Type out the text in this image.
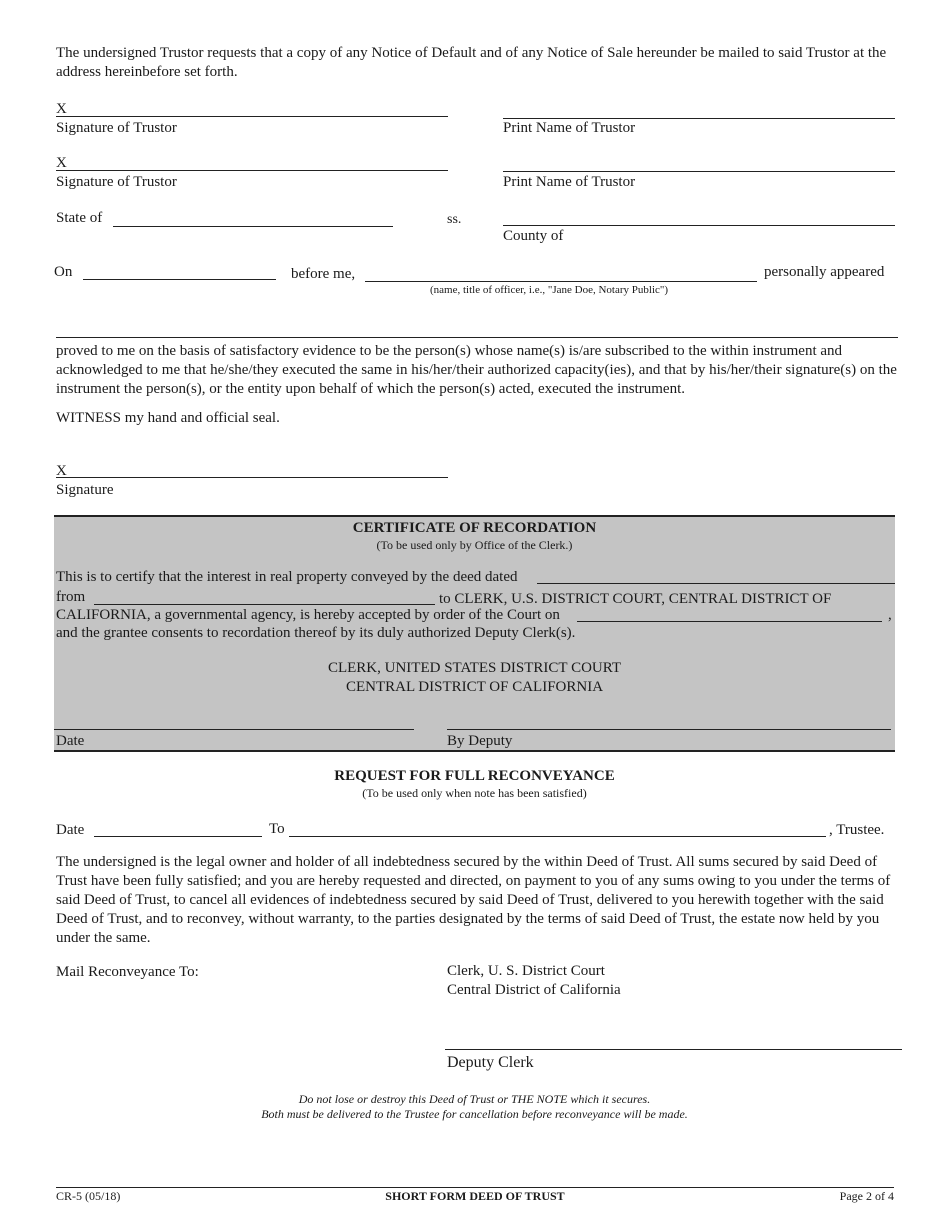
The undersigned Trustor requests that a copy of any Notice of Default and of any Notice of Sale hereunder be mailed to said Trustor at the address hereinbefore set forth.
X
Signature of Trustor	Print Name of Trustor
X
Signature of Trustor	Print Name of Trustor
State of	ss.
County of
On	before me,	personally appeared
(name, title of officer, i.e., "Jane Doe, Notary Public")
proved to me on the basis of satisfactory evidence to be the person(s) whose name(s) is/are subscribed to the within instrument and acknowledged to me that he/she/they executed the same in his/her/their authorized capacity(ies), and that by his/her/their signature(s) on the instrument the person(s), or the entity upon behalf of which the person(s) acted, executed the instrument.
WITNESS my hand and official seal.
X
Signature
CERTIFICATE OF RECORDATION
(To be used only by Office of the Clerk.)
This is to certify that the interest in real property conveyed by the deed dated
from	to CLERK, U.S. DISTRICT COURT, CENTRAL DISTRICT OF
CALIFORNIA, a governmental agency, is hereby accepted by order of the Court on	,
and the grantee consents to recordation thereof by its duly authorized Deputy Clerk(s).
CLERK, UNITED STATES DISTRICT COURT
CENTRAL DISTRICT OF CALIFORNIA
Date	By Deputy
REQUEST FOR FULL RECONVEYANCE
(To be used only when note has been satisfied)
Date	To	, Trustee.
The undersigned is the legal owner and holder of all indebtedness secured by the within Deed of Trust. All sums secured by said Deed of Trust have been fully satisfied; and you are hereby requested and directed, on payment to you of any sums owing to you under the terms of said Deed of Trust, to cancel all evidences of indebtedness secured by said Deed of Trust, delivered to you herewith together with the said Deed of Trust, and to reconvey, without warranty, to the parties designated by the terms of said Deed of Trust, the estate now held by you under the same.
Mail Reconveyance To:	Clerk, U. S. District Court
Central District of California
Deputy Clerk
Do not lose or destroy this Deed of Trust or THE NOTE which it secures.
Both must be delivered to the Trustee for cancellation before reconveyance will be made.
CR-5 (05/18)	SHORT FORM DEED OF TRUST	Page 2 of 4
